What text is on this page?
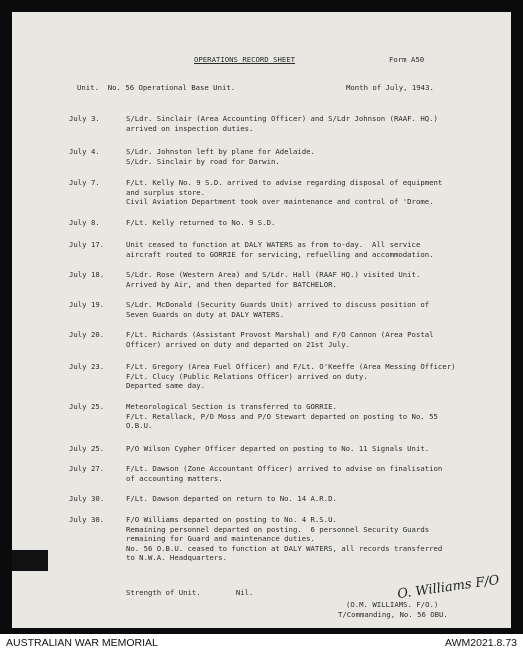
OPERATIONS RECORD SHEET	Form A50
Unit.  No. 56 Operational Base Unit.	Month of July, 1943.
July 3.	S/Ldr. Sinclair (Area Accounting Officer) and S/Ldr Johnson (RAAF. HQ.)
arrived on inspection duties.
July 4.	S/Ldr. Johnston left by plane for Adelaide.
S/Ldr. Sinclair by road for Darwin.
July 7.	F/Lt. Kelly No. 9 S.D. arrived to advise regarding disposal of equipment
and surplus store.
Civil Aviation Department took over maintenance and control of 'Drome.
July 8.	F/Lt. Kelly returned to No. 9 S.D.
July 17.	Unit ceased to function at DALY WATERS as from to-day.  All service
aircraft routed to GORRIE for servicing, refuelling and accommodation.
July 18.	S/Ldr. Rose (Western Area) and S/Ldr. Hall (RAAF HQ.) visited Unit.
Arrived by Air, and then departed for BATCHELOR.
July 19.	S/Ldr. McDonald (Security Guards Unit) arrived to discuss position of
Seven Guards on duty at DALY WATERS.
July 20.	F/Lt. Richards (Assistant Provost Marshal) and F/O Cannon (Area Postal
Officer) arrived on duty and departed on 21st July.
July 23.	F/Lt. Gregory (Area Fuel Officer) and F/Lt. O'Keeffe (Area Messing Officer)
F/Lt. Clucy (Public Relations Officer) arrived on duty.
Departed same day.
July 25.	Meteorological Section is transferred to GORRIE.
F/Lt. Retallack, P/O Moss and P/O Stewart departed on posting to No. 55
O.B.U.
July 25.	P/O Wilson Cypher Officer departed on posting to No. 11 Signals Unit.
July 27.	F/Lt. Dawson (Zone Accountant Officer) arrived to advise on finalisation
of accounting matters.
July 30.	F/Lt. Dawson departed on return to No. 14 A.R.D.
July 30.	F/O Williams departed on posting to No. 4 R.S.U.
Remaining personnel departed on posting.  6 personnel Security Guards
remaining for Guard and maintenance duties.
No. 56 O.B.U. ceased to function at DALY WATERS, all records transferred
to N.W.A. Headquarters.
Strength of Unit.        Nil.	O. Williams F/O
(O.M. WILLIAMS. F/O.)
T/Commanding, No. 56 OBU.
AUSTRALIAN WAR MEMORIAL	AWM2021.8.73
